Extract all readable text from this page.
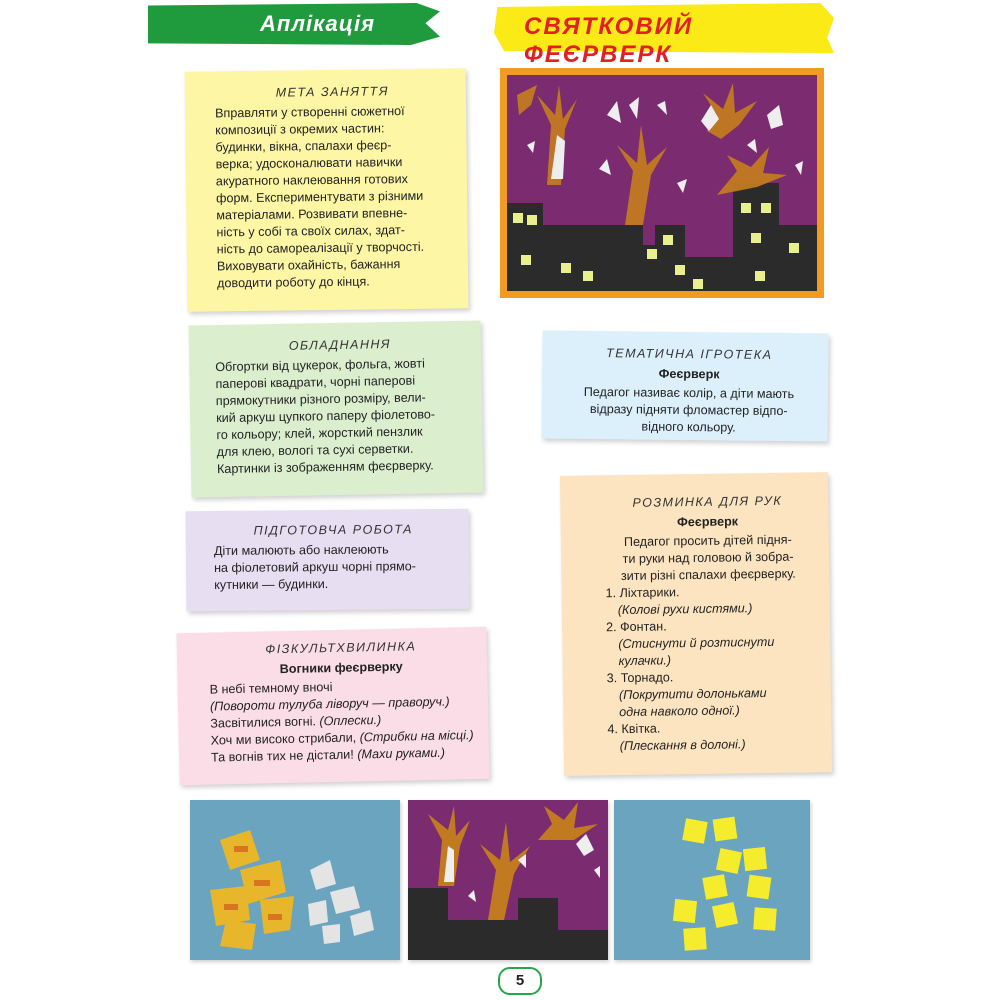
Аплікація	СВЯТКОВИЙ ФЕЄРВЕРК
МЕТА ЗАНЯТТЯ

Вправляти у створенні сюжетної

композиції з окремих частин:

будинки, вікна, спалахи феєр-

верка; удосконалювати навички

акуратного наклеювання готових

форм. Експериментувати з різними

матеріалами. Розвивати впевне-

ність у собі та своїх силах, здат-

ність до самореалізації у творчості.

Виховувати охайність, бажання

доводити роботу до кінця.

ОБЛАДНАННЯ

Обгортки від цукерок, фольга, жовті

паперові квадрати, чорні паперові

прямокутники різного розміру, вели-

кий аркуш цупкого паперу фіолетово-

го кольору; клей, жорсткий пензлик

для клею, вологі та сухі серветки.

Картинки із зображенням феєрверку.

ПІДГОТОВЧА РОБОТА

Діти малюють або наклеюють

на фіолетовий аркуш чорні прямо-

кутники — будинки.

ФІЗКУЛЬТХВИЛИНКА
Вогники феєрверку

В небі темному вночі

(Повороти тулуба ліворуч — праворуч.)

Засвітилися вогні. (Оплески.)

Хоч ми високо стрибали, (Стрибки на місці.)

Та вогнів тих не дістали! (Махи руками.)

ТЕМАТИЧНА ІГРОТЕКА
Феєрверк

Педагог називає колір, а діти мають

відразу підняти фломастер відпо-

відного кольору.

РОЗМИНКА ДЛЯ РУК
Феєрверк

Педагог просить дітей підня-

ти руки над головою й зобра-

зити різні спалахи феєрверку.

1. Ліхтарики.

(Колові рухи кистями.)

2. Фонтан.

(Стиснути й розтиснути

кулачки.)

3. Торнадо.

(Покрутити долоньками

одна навколо одної.)

4. Квітка.

(Плескання в долоні.)

5
